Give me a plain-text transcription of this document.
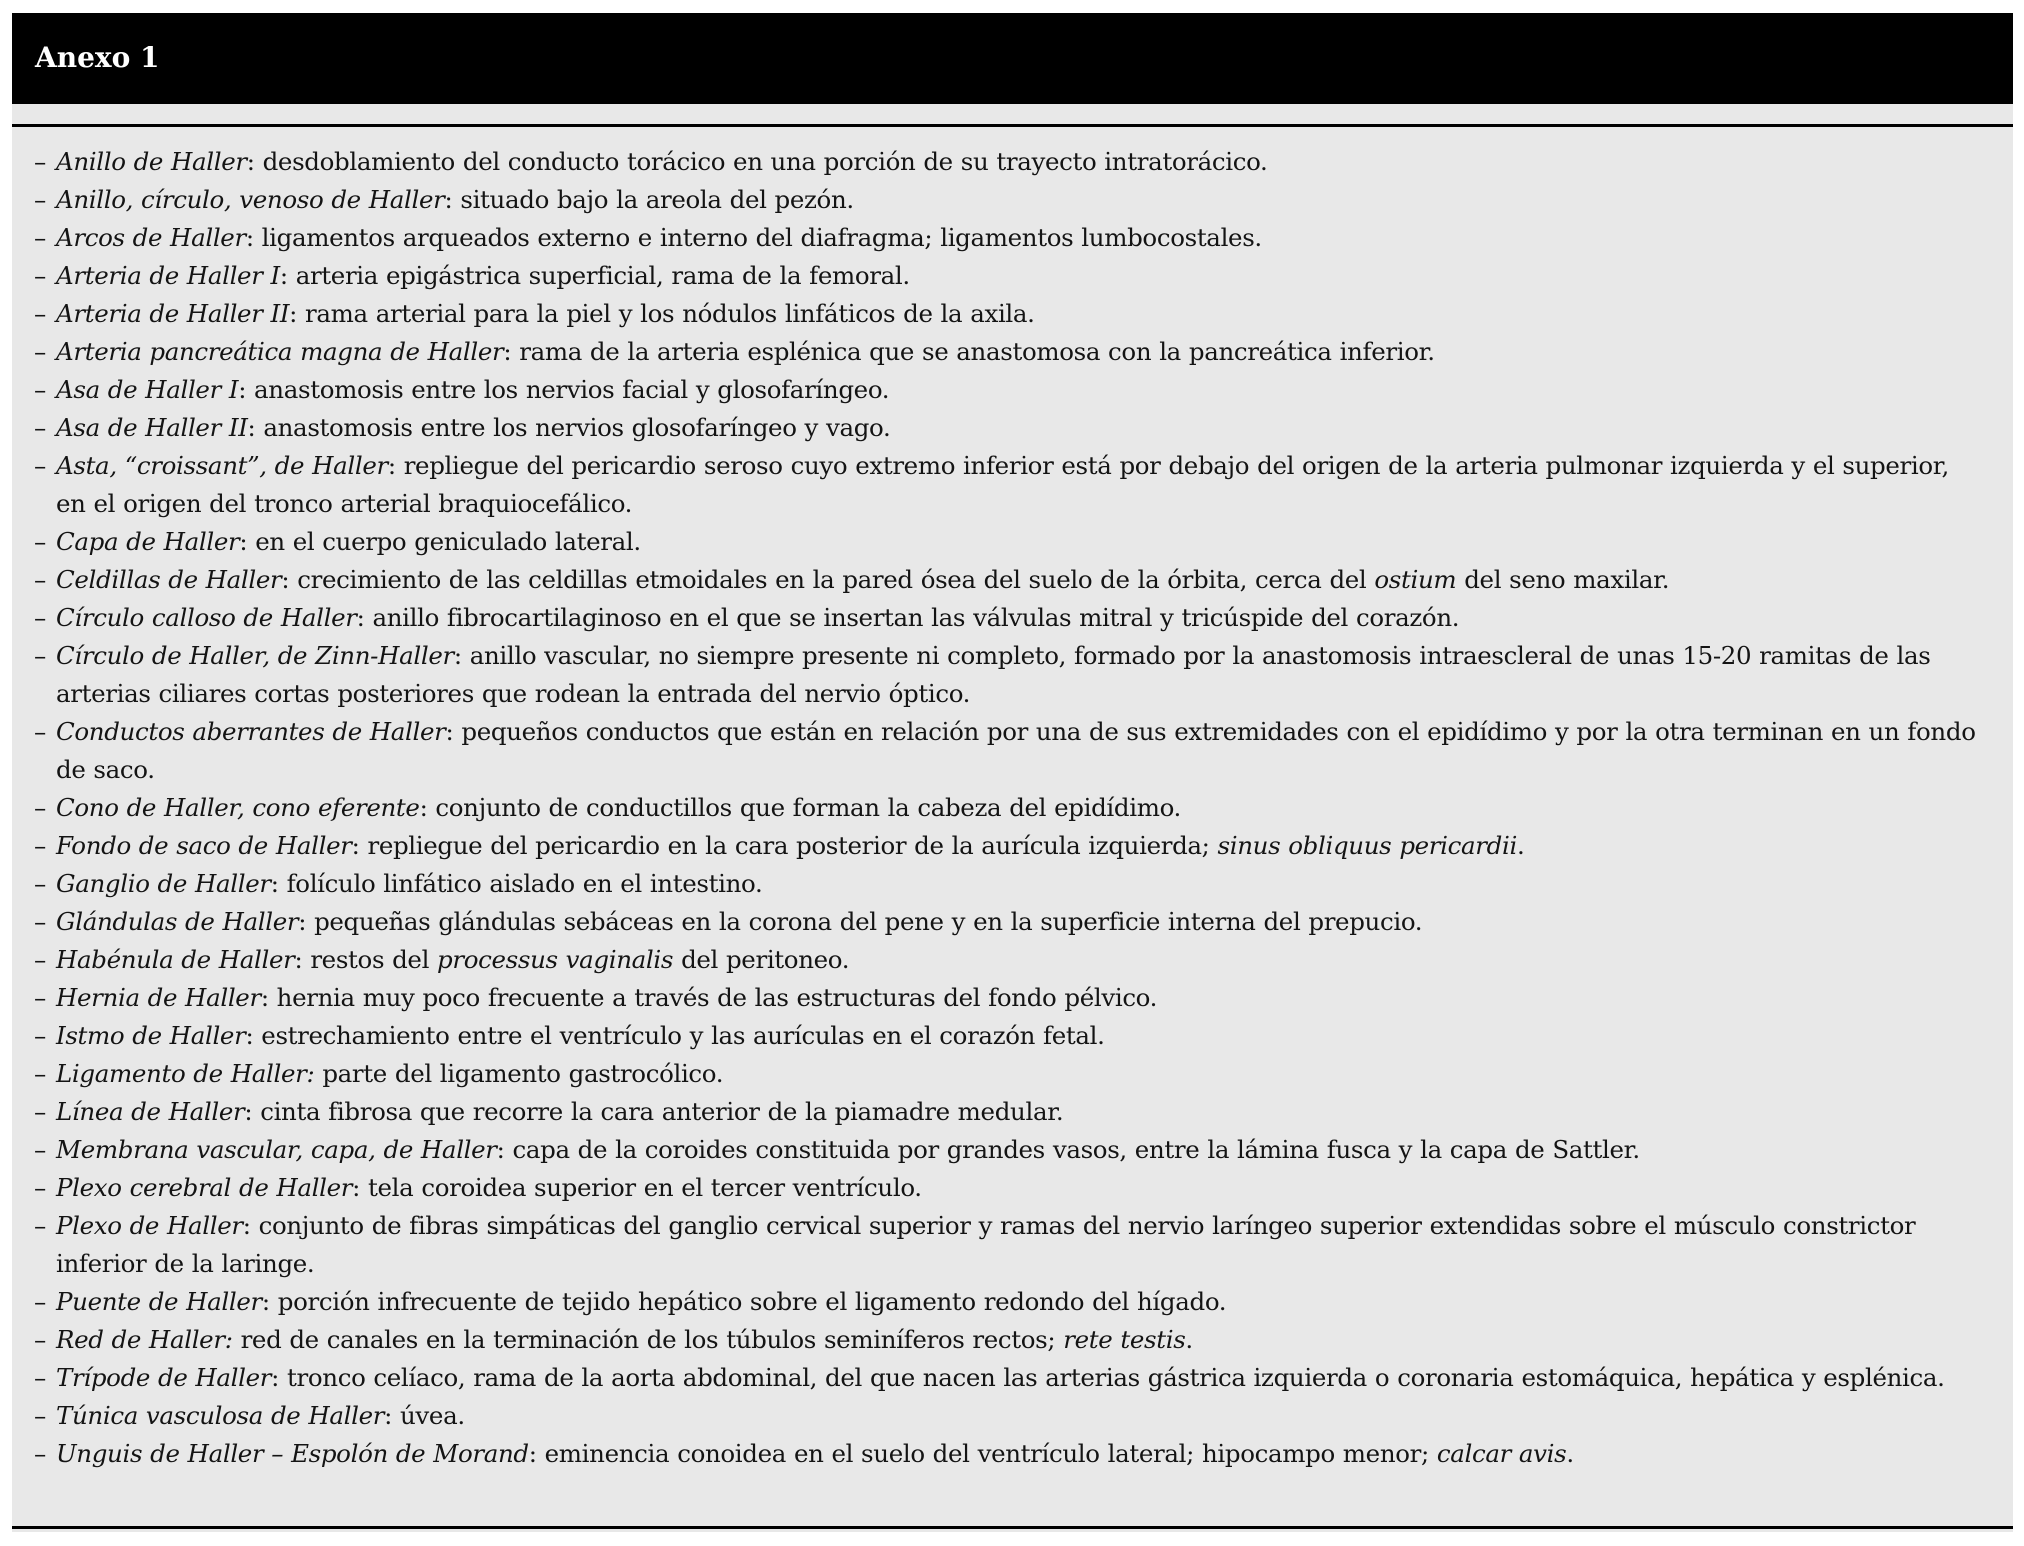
Anexo 1
– Anillo de Haller: desdoblamiento del conducto torácico en una porción de su trayecto intratorácico.
– Anillo, círculo, venoso de Haller: situado bajo la areola del pezón.
– Arcos de Haller: ligamentos arqueados externo e interno del diafragma; ligamentos lumbocostales.
– Arteria de Haller I: arteria epigástrica superficial, rama de la femoral.
– Arteria de Haller II: rama arterial para la piel y los nódulos linfáticos de la axila.
– Arteria pancreática magna de Haller: rama de la arteria esplénica que se anastomosa con la pancreática inferior.
– Asa de Haller I: anastomosis entre los nervios facial y glosofaríngeo.
– Asa de Haller II: anastomosis entre los nervios glosofaríngeo y vago.
– Asta, “croissant”, de Haller: repliegue del pericardio seroso cuyo extremo inferior está por debajo del origen de la arteria pulmonar izquierda y el superior, en el origen del tronco arterial braquiocefálico.
– Capa de Haller: en el cuerpo geniculado lateral.
– Celdillas de Haller: crecimiento de las celdillas etmoidales en la pared ósea del suelo de la órbita, cerca del ostium del seno maxilar.
– Círculo calloso de Haller: anillo fibrocartilaginoso en el que se insertan las válvulas mitral y tricúspide del corazón.
– Círculo de Haller, de Zinn-Haller: anillo vascular, no siempre presente ni completo, formado por la anastomosis intraescleral de unas 15-20 ramitas de las arterias ciliares cortas posteriores que rodean la entrada del nervio óptico.
– Conductos aberrantes de Haller: pequeños conductos que están en relación por una de sus extremidades con el epidídimo y por la otra terminan en un fondo de saco.
– Cono de Haller, cono eferente: conjunto de conductillos que forman la cabeza del epidídimo.
– Fondo de saco de Haller: repliegue del pericardio en la cara posterior de la aurícula izquierda; sinus obliquus pericardii.
– Ganglio de Haller: folículo linfático aislado en el intestino.
– Glándulas de Haller: pequeñas glándulas sebáceas en la corona del pene y en la superficie interna del prepucio.
– Habénula de Haller: restos del processus vaginalis del peritoneo.
– Hernia de Haller: hernia muy poco frecuente a través de las estructuras del fondo pélvico.
– Istmo de Haller: estrechamiento entre el ventrículo y las aurículas en el corazón fetal.
– Ligamento de Haller: parte del ligamento gastrocólico.
– Línea de Haller: cinta fibrosa que recorre la cara anterior de la piamadre medular.
– Membrana vascular, capa, de Haller: capa de la coroides constituida por grandes vasos, entre la lámina fusca y la capa de Sattler.
– Plexo cerebral de Haller: tela coroidea superior en el tercer ventrículo.
– Plexo de Haller: conjunto de fibras simpáticas del ganglio cervical superior y ramas del nervio laríngeo superior extendidas sobre el músculo constrictor inferior de la laringe.
– Puente de Haller: porción infrecuente de tejido hepático sobre el ligamento redondo del hígado.
– Red de Haller: red de canales en la terminación de los túbulos seminíferos rectos; rete testis.
– Trípode de Haller: tronco celíaco, rama de la aorta abdominal, del que nacen las arterias gástrica izquierda o coronaria estomáquica, hepática y esplénica.
– Túnica vasculosa de Haller: úvea.
– Unguis de Haller – Espolón de Morand: eminencia conoidea en el suelo del ventrículo lateral; hipocampo menor; calcar avis.
